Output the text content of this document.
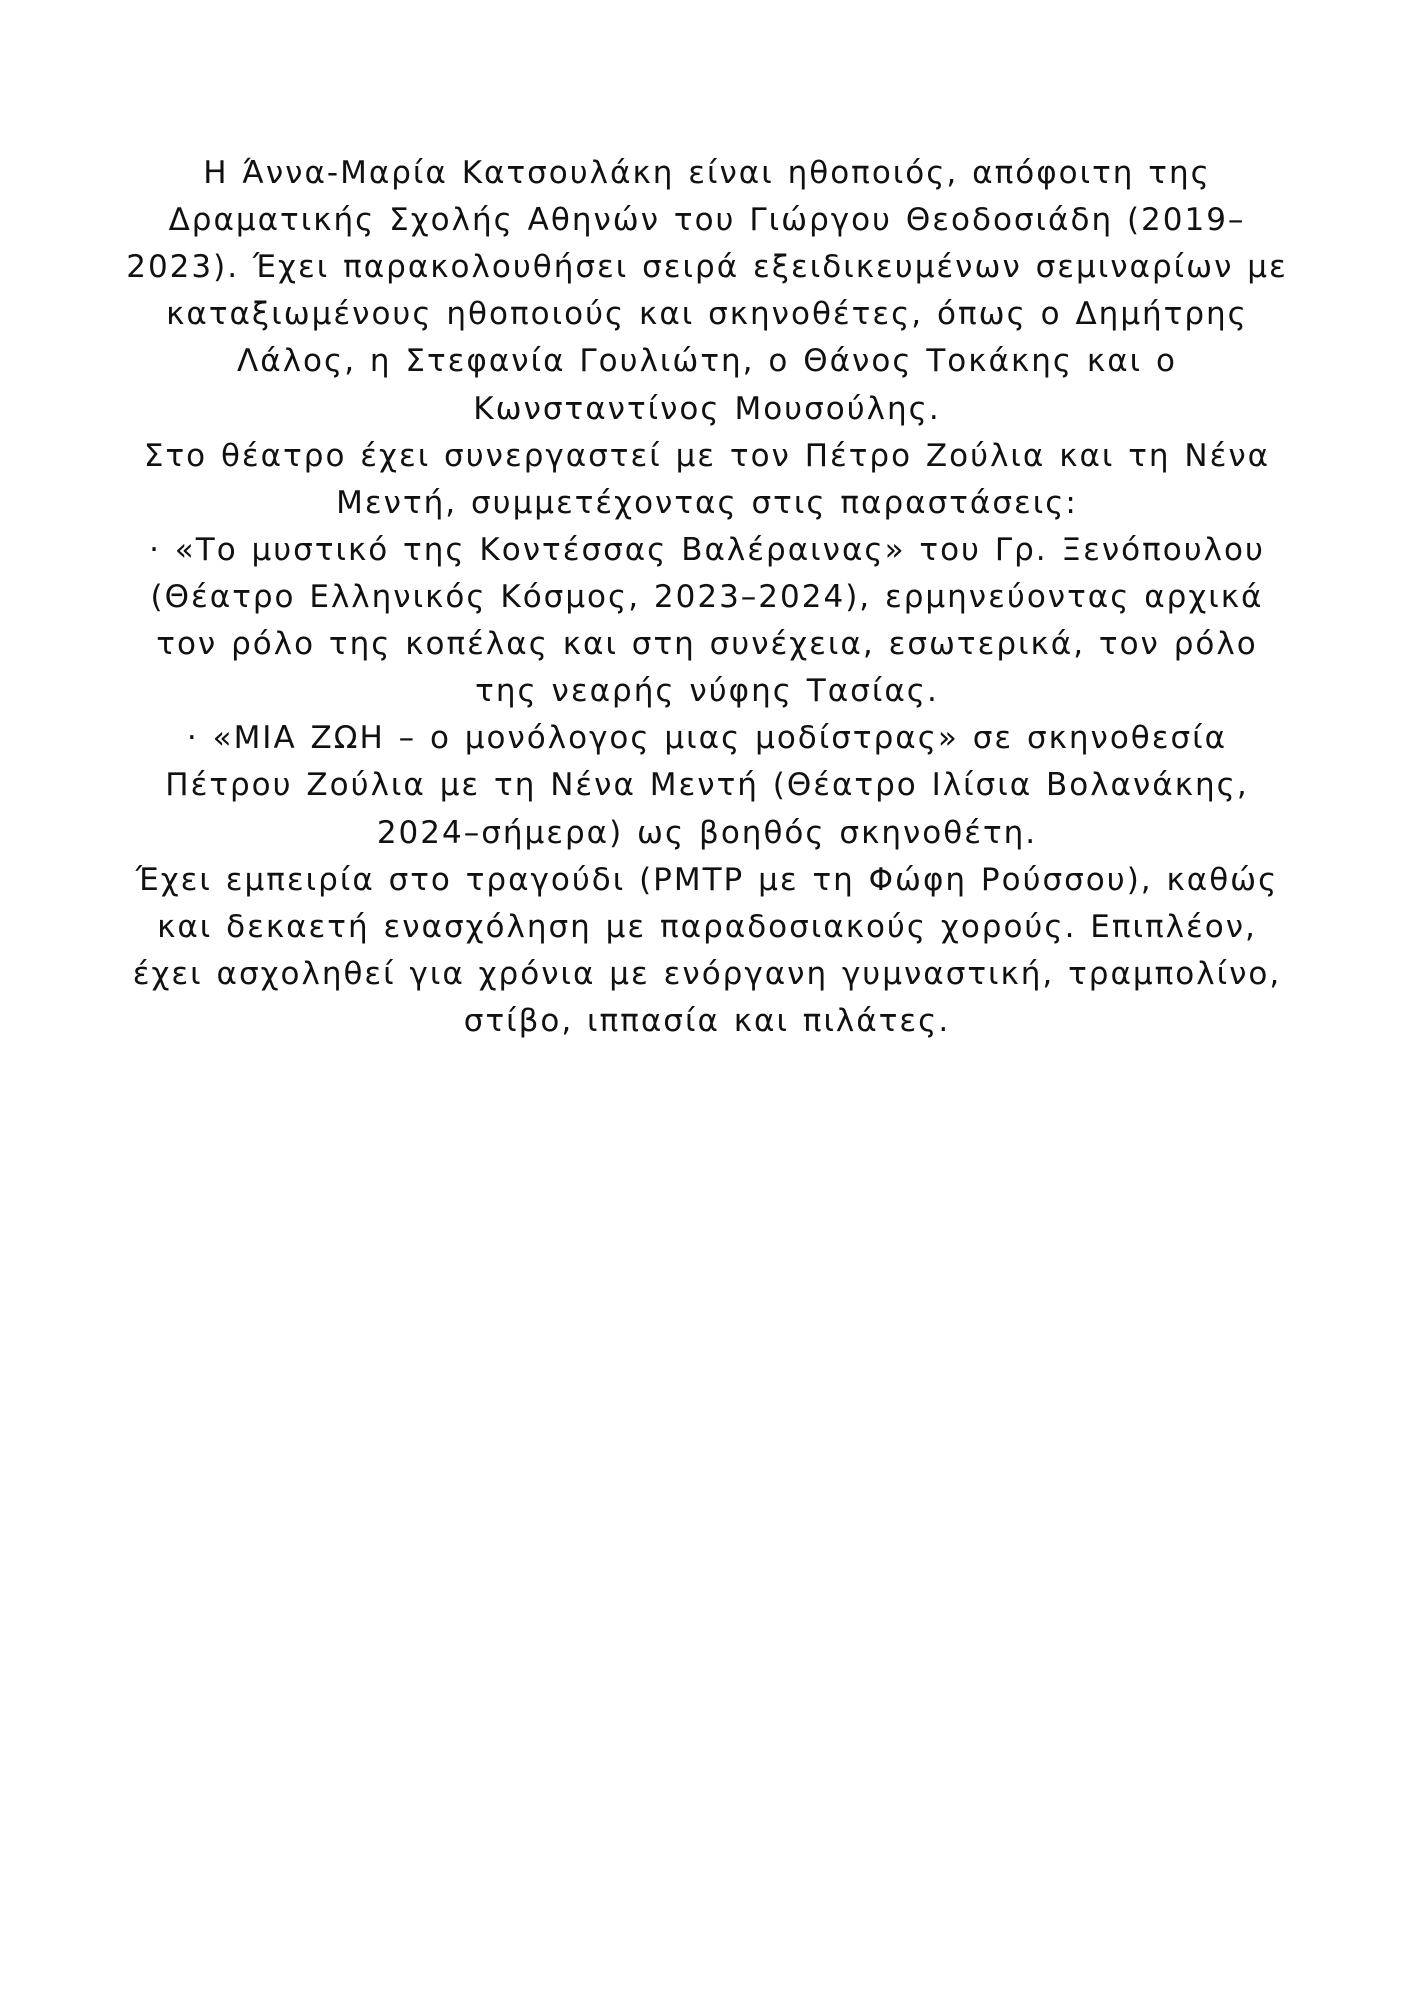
Η Άννα-Μαρία Κατσουλάκη είναι ηθοποιός, απόφοιτη της Δραματικής Σχολής Αθηνών του Γιώργου Θεοδοσιάδη (2019–2023). Έχει παρακολουθήσει σειρά εξειδικευμένων σεμιναρίων με καταξιωμένους ηθοποιούς και σκηνοθέτες, όπως ο Δημήτρης Λάλος, η Στεφανία Γουλιώτη, ο Θάνος Τοκάκης και ο Κωνσταντίνος Μουσούλης.

Στο θέατρο έχει συνεργαστεί με τον Πέτρο Ζούλια και τη Νένα Μεντή, συμμετέχοντας στις παραστάσεις:

· «Το μυστικό της Κοντέσσας Βαλέραινας» του Γρ. Ξενόπουλου (Θέατρο Ελληνικός Κόσμος, 2023–2024), ερμηνεύοντας αρχικά τον ρόλο της κοπέλας και στη συνέχεια, εσωτερικά, τον ρόλο της νεαρής νύφης Τασίας.

· «ΜΙΑ ΖΩΗ – ο μονόλογος μιας μοδίστρας» σε σκηνοθεσία Πέτρου Ζούλια με τη Νένα Μεντή (Θέατρο Ιλίσια Βολανάκης, 2024–σήμερα) ως βοηθός σκηνοθέτη.

Έχει εμπειρία στο τραγούδι (PMTP με τη Φώφη Ρούσσου), καθώς και δεκαετή ενασχόληση με παραδοσιακούς χορούς. Επιπλέον, έχει ασχοληθεί για χρόνια με ενόργανη γυμναστική, τραμπολίνο, στίβο, ιππασία και πιλάτες.
